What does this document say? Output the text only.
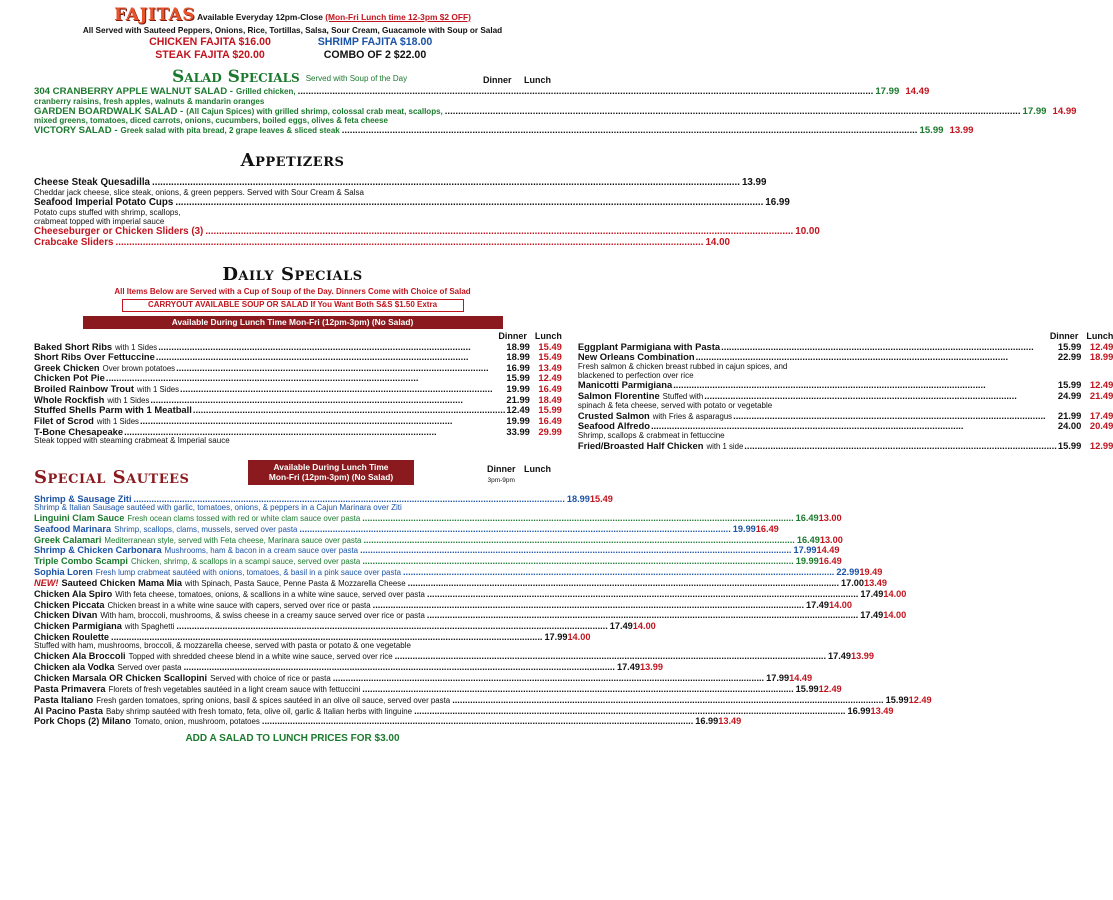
FAJITAS Available Everyday 12pm-Close (Mon-Fri Lunch time 12-3pm $2 OFF)
All Served with Sauteed Peppers, Onions, Rice, Tortillas, Salsa, Sour Cream, Guacamole with Soup or Salad
CHICKEN FAJITA $16.00	SHRIMP FAJITA $18.00
STEAK FAJITA $20.00	COMBO OF 2 $22.00
Salad Specials Served with Soup of the Day	Dinner Lunch
304 CRANBERRY APPLE WALNUT SALAD - Grilled chicken, .....	17.99 14.49
cranberry raisins, fresh apples, walnuts & mandarin oranges
GARDEN BOARDWALK SALAD - (All Cajun Spices) with grilled shrimp, colossal crab meat, scallops, .....	17.99 14.99
mixed greens, tomatoes, diced carrots, onions, cucumbers, boiled eggs, olives & feta cheese
VICTORY SALAD - Greek salad with pita bread, 2 grape leaves & sliced steak .....	15.99 13.99
Appetizers
Cheese Steak Quesadilla .....	13.99
Cheddar jack cheese, slice steak, onions, & green peppers. Served with Sour Cream & Salsa
Seafood Imperial Potato Cups .....	16.99
Potato cups stuffed with shrimp, scallops,
crabmeat topped with imperial sauce
Cheeseburger or Chicken Sliders (3) .....	10.00
Crabcake Sliders .....	14.00
Daily Specials
All Items Below are Served with a Cup of Soup of the Day. Dinners Come with Choice of Salad
CARRYOUT AVAILABLE SOUP OR SALAD If You Want Both S&S $1.50 Extra
Available During Lunch Time Mon-Fri (12pm-3pm) (No Salad)
Dinner Lunch
Baked Short Ribs with 1 Sides .....	18.99 15.49
Short Ribs Over Fettuccine .....	18.99 15.49
Greek Chicken Over brown potatoes .....	16.99 13.49
Chicken Pot Pie .....	15.99 12.49
Broiled Rainbow Trout with 1 Sides .....	19.99 16.49
Whole Rockfish with 1 Sides .....	21.99 18.49
Stuffed Shells Parm with 1 Meatball .....	12.49 15.99
Filet of Scrod with 1 Sides .....	19.99 16.49
T-Bone Chesapeake .....	33.99 29.99
Steak topped with steaming crabmeat & Imperial sauce
Dinner Lunch
Eggplant Parmigiana with Pasta .....	15.99 12.49
New Orleans Combination .....	22.99 18.99
Fresh salmon & chicken breast rubbed in cajun spices, and
blackened to perfection over rice
Manicotti Parmigiana .....	15.99 12.49
Salmon Florentine Stuffed with .....	24.99 21.49
spinach & feta cheese, served with potato or vegetable
Crusted Salmon with Fries & asparagus .....	21.99 17.49
Seafood Alfredo .....	24.00 20.49
Shrimp, scallops & crabmeat in fettuccine
Fried/Broasted Half Chicken with 1 side .....	15.99 12.99
Special Sautees	Available During Lunch Time
Mon-Fri (12pm-3pm) (No Salad)
Dinner
3pm-9pm Lunch
Shrimp & Sausage Ziti .....	18.99 15.49
Shrimp & Italian Sausage sautéed with garlic, tomatoes, onions, & peppers in a Cajun Marinara over Ziti
Linguini Clam Sauce Fresh ocean clams tossed with red or white clam sauce over pasta .....	16.49 13.00
Seafood Marinara Shrimp, scallops, clams, mussels, served over pasta .....	19.99 16.49
Greek Calamari Mediterranean style, served with Feta cheese, Marinara sauce over pasta .....	16.49 13.00
Shrimp & Chicken Carbonara Mushrooms, ham & bacon in a cream sauce over pasta .....	17.99 14.49
Triple Combo Scampi Chicken, shrimp, & scallops in a scampi sauce, served over pasta .....	19.99 16.49
Sophia Loren Fresh lump crabmeat sautéed with onions, tomatoes, & basil in a pink sauce over pasta .....	22.99 19.49
NEW! Sauteed Chicken Mama Mia with Spinach, Pasta Sauce, Penne Pasta & Mozzarella Cheese .....	17.00 13.49
Chicken Ala Spiro With feta cheese, tomatoes, onions, & scallions in a white wine sauce, served over pasta .....	17.49 14.00
Chicken Piccata Chicken breast in a white wine sauce with capers, served over rice or pasta .....	17.49 14.00
Chicken Divan With ham, broccoli, mushrooms, & swiss cheese in a creamy sauce served over rice or pasta .....	17.49 14.00
Chicken Parmigiana with Spaghetti .....	17.49 14.00
Chicken Roulette .....	17.99 14.00
Stuffed with ham, mushrooms, broccoli, & mozzarella cheese, served with pasta or potato & one vegetable
Chicken Ala Broccoli Topped with shredded cheese blend in a white wine sauce, served over rice .....	17.49 13.99
Chicken ala Vodka Served over pasta .....	17.49 13.99
Chicken Marsala OR Chicken Scallopini Served with choice of rice or pasta .....	17.99 14.49
Pasta Primavera Florets of fresh vegetables sautéed in a light cream sauce with fettuccini .....	15.99 12.49
Pasta Italiano Fresh garden tomatoes, spring onions, basil & spices sautéed in an olive oil sauce, served over pasta .....	15.99 12.49
Al Pacino Pasta Baby shrimp sautéed with fresh tomato, feta, olive oil, garlic & Italian herbs with linguine .....	16.99 13.49
Pork Chops (2) Milano Tomato, onion, mushroom, potatoes .....	16.99 13.49
ADD A SALAD TO LUNCH PRICES FOR $3.00
